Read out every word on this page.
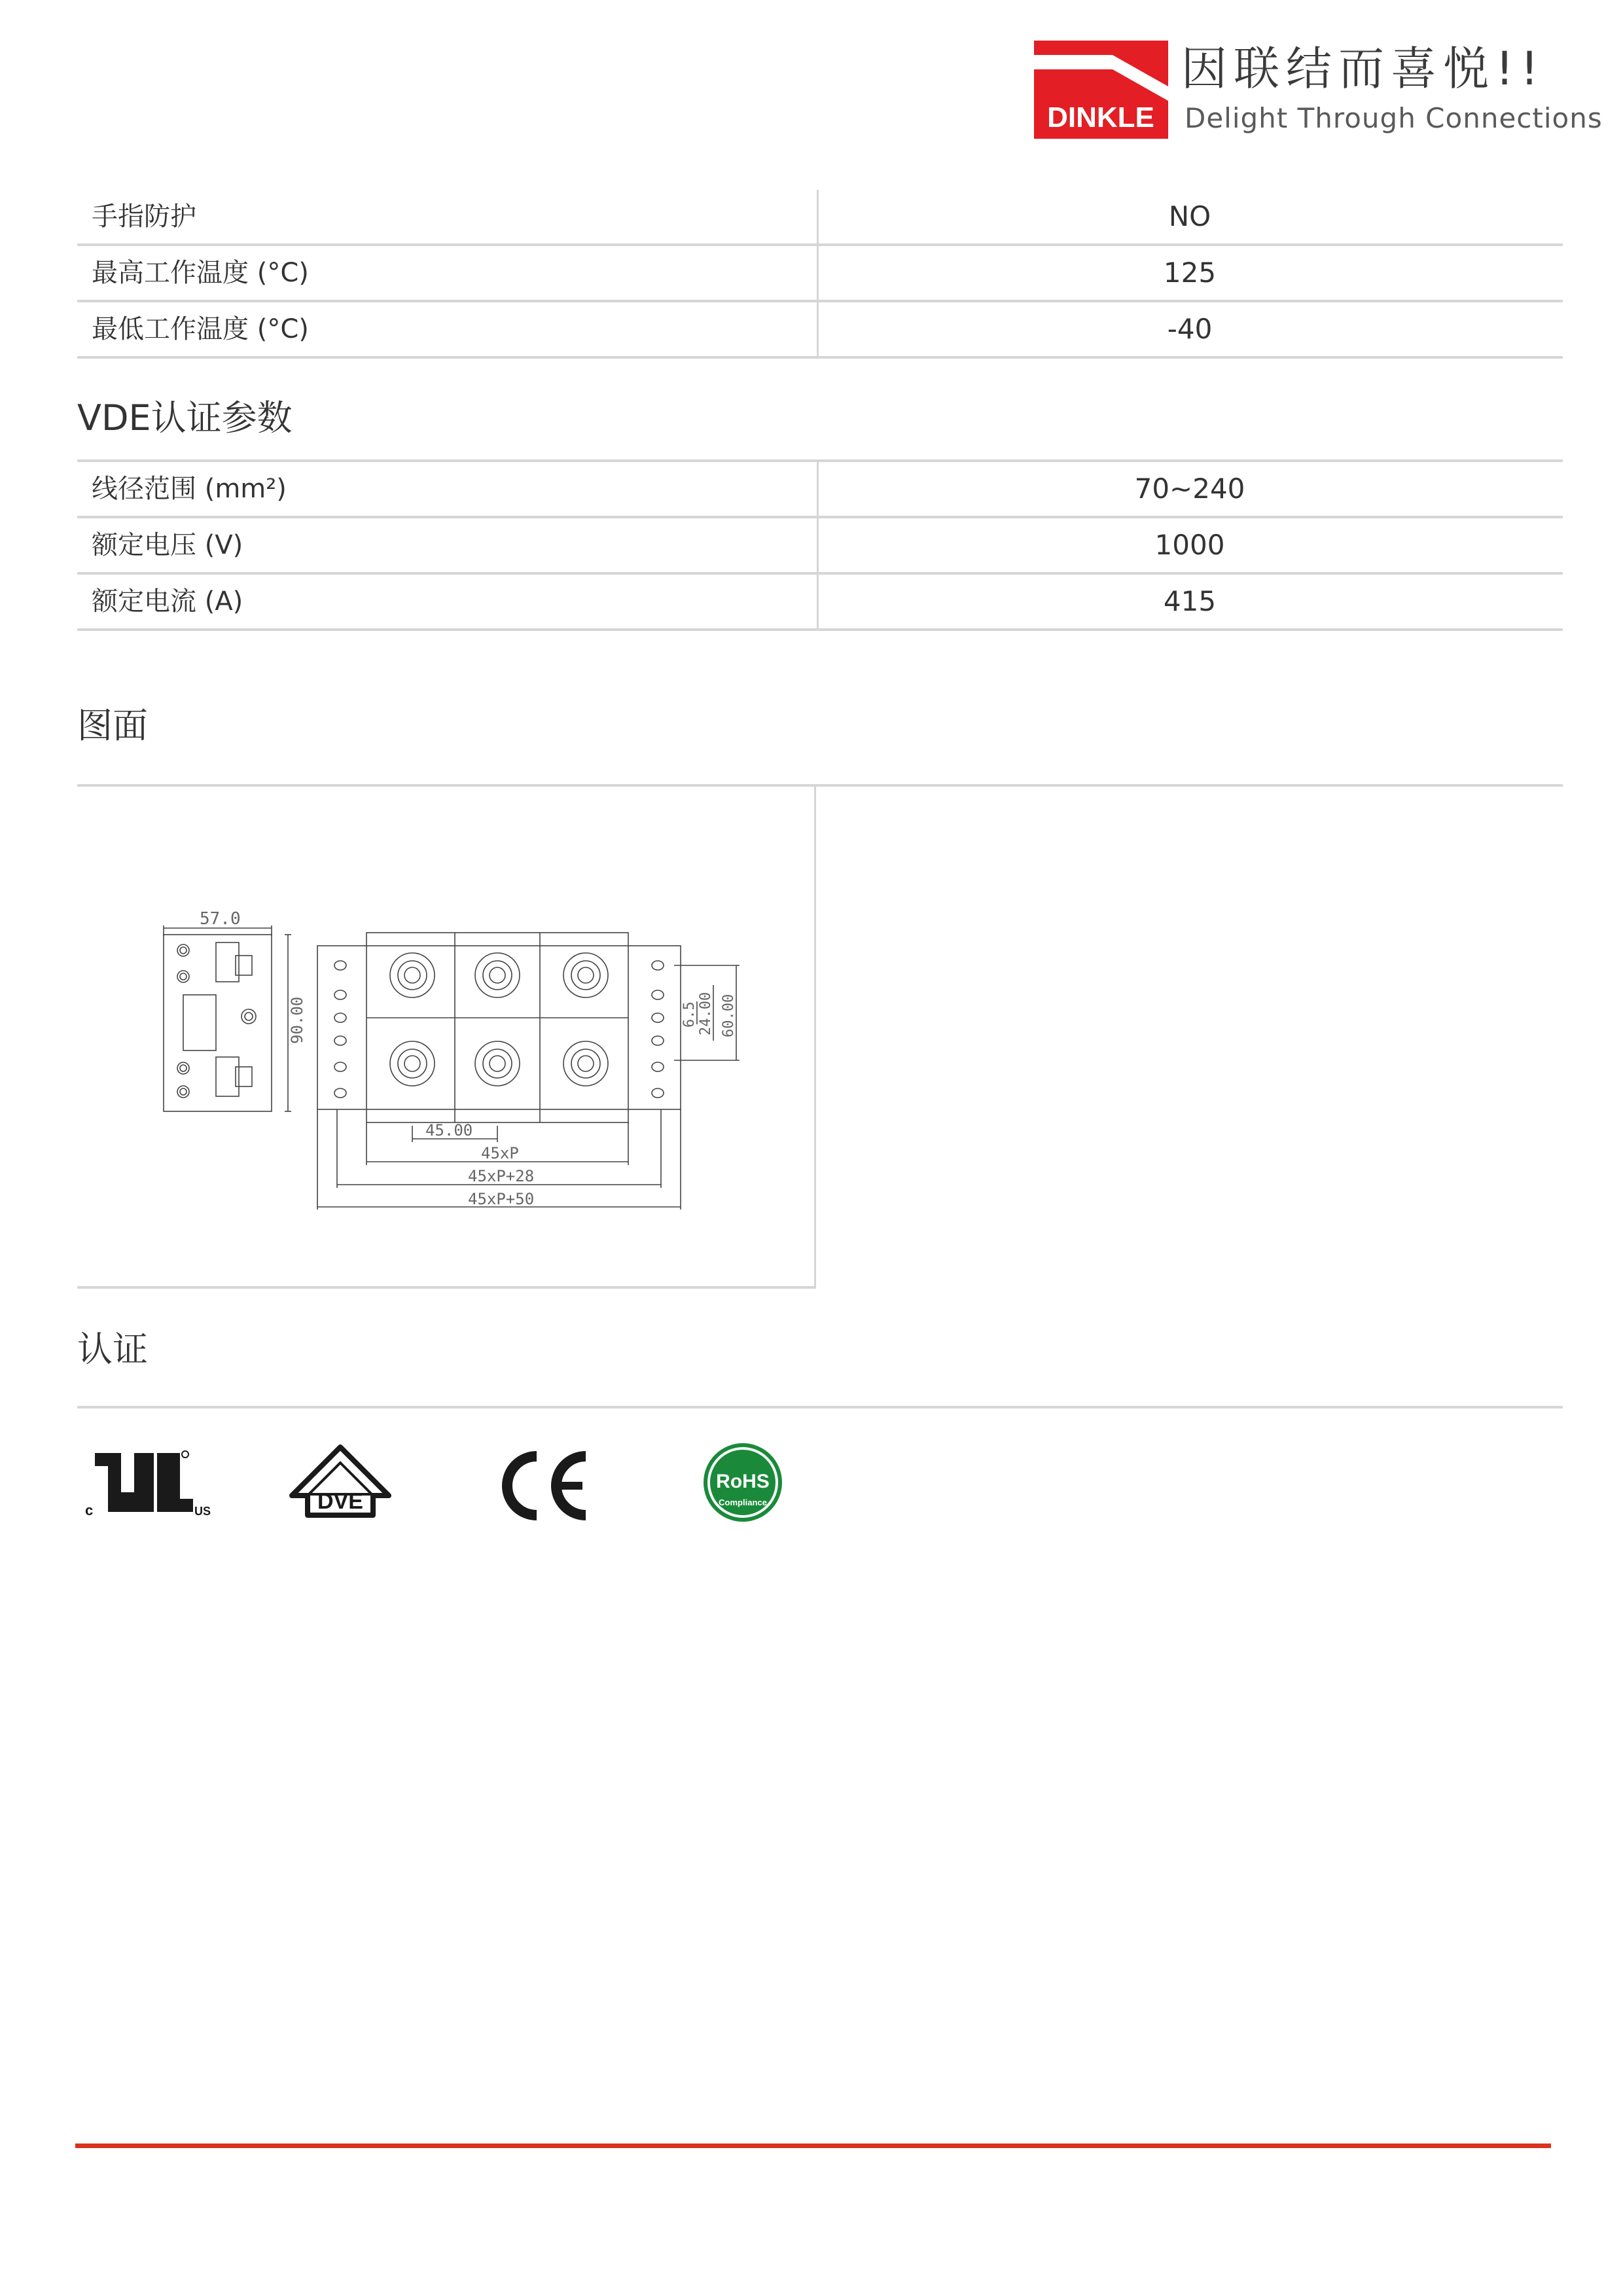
DINKLE
因联结而喜悦!!
Delight Through Connections
手指防护	NO
最高工作温度 (°C)	125
最低工作温度 (°C)	-40
VDE认证参数
线径范围 (mm²)	70~240
额定电压 (V)	1000
额定电流 (A)	415
图面
57.0
90.00	6.5 24.00 60.00
45.00
45xP
45xP+28
45xP+50
认证
c	US	DVE
RoHS
Compliance
